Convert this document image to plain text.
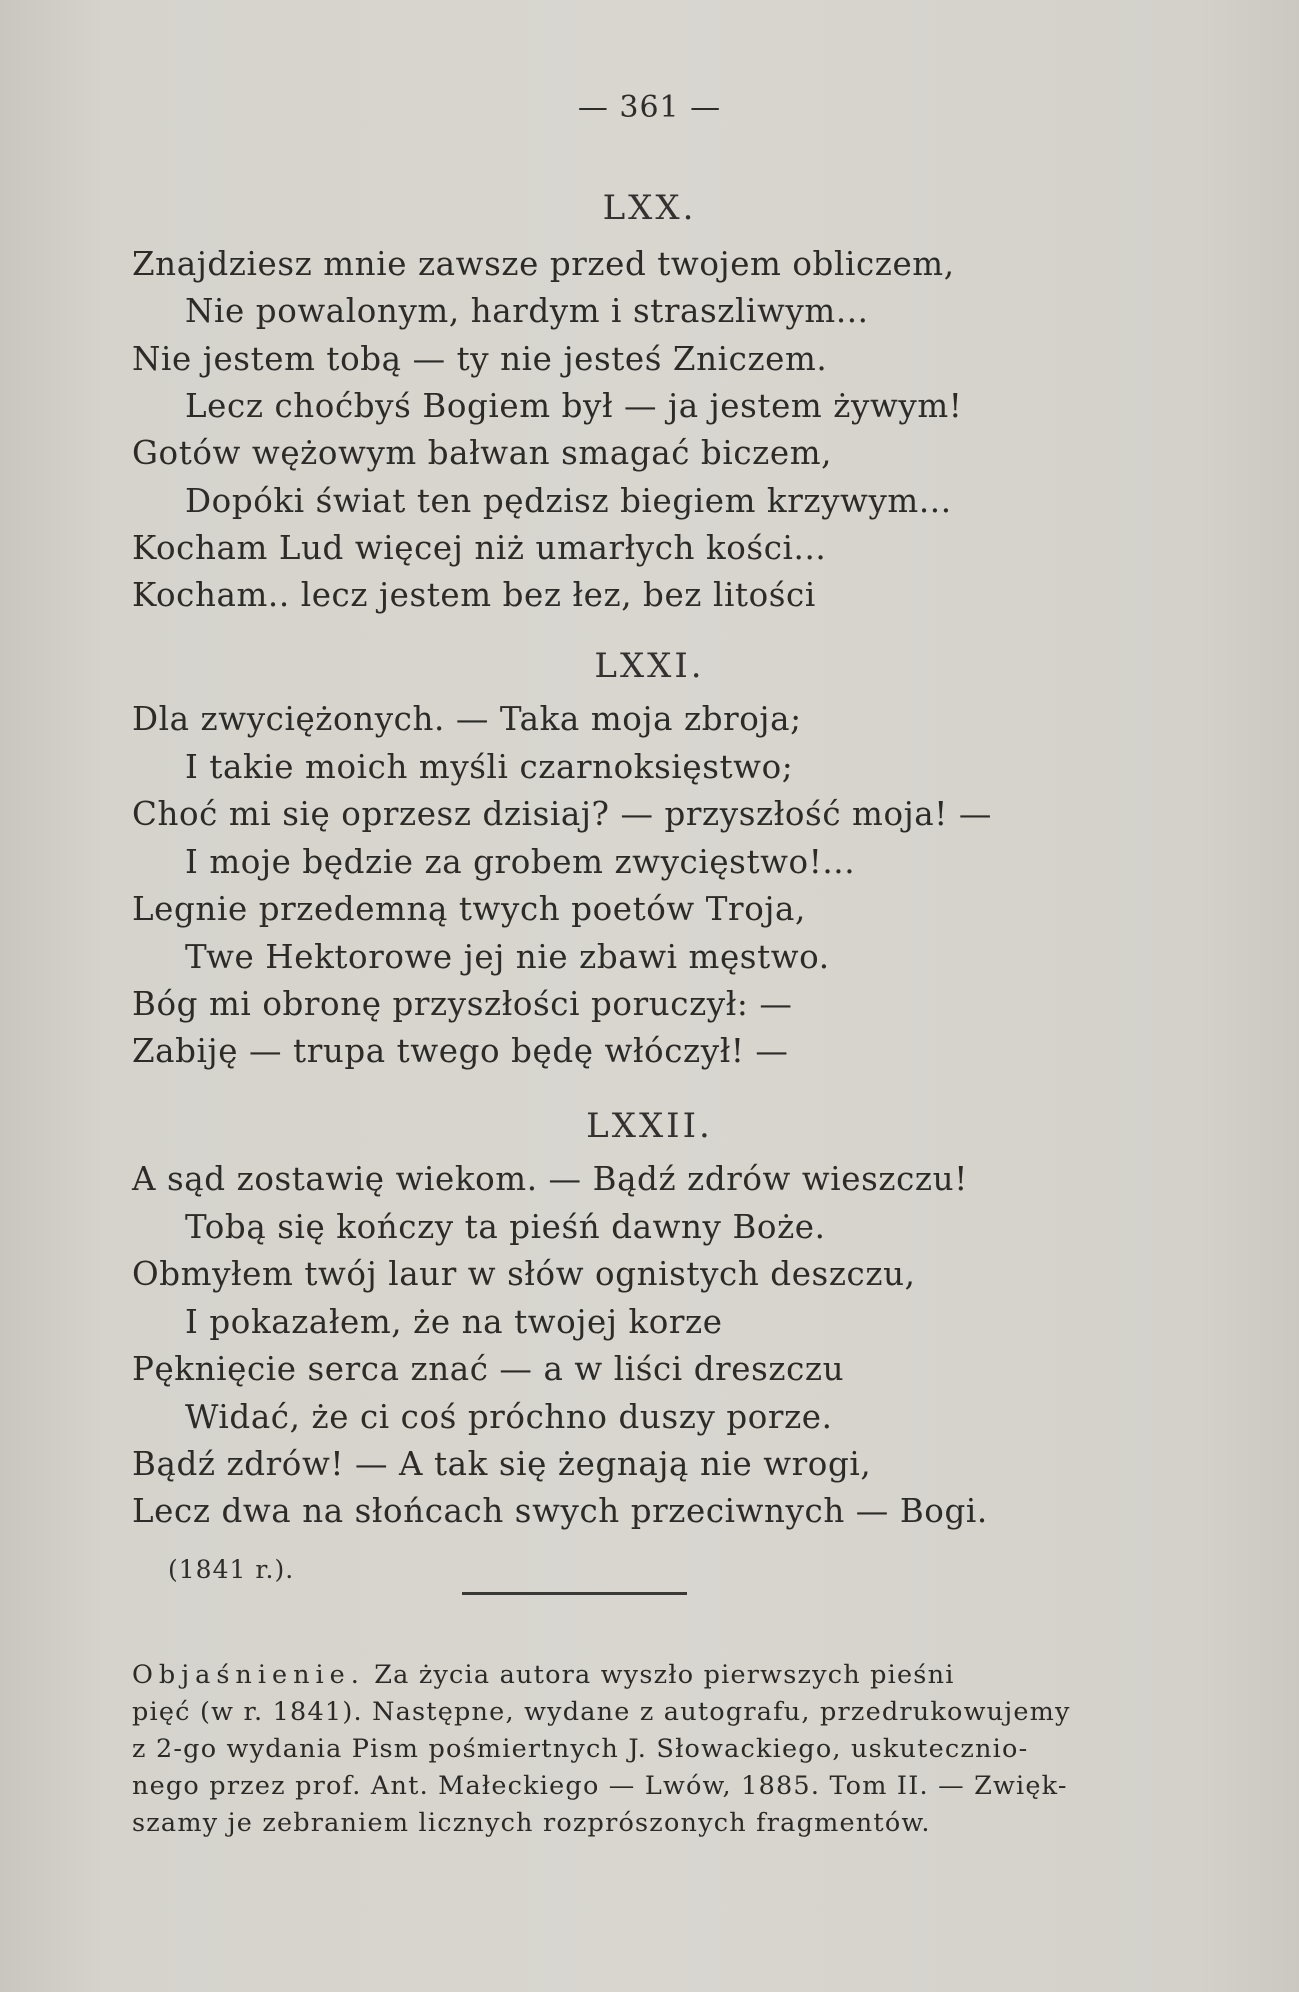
— 361 —
LXX.
Znajdziesz mnie zawsze przed twojem obliczem,
Nie powalonym, hardym i straszliwym...
Nie jestem tobą — ty nie jesteś Zniczem.
Lecz choćbyś Bogiem był — ja jestem żywym!
Gotów wężowym bałwan smagać biczem,
Dopóki świat ten pędzisz biegiem krzywym...
Kocham Lud więcej niż umarłych kości...
Kocham.. lecz jestem bez łez, bez litości
LXXI.
Dla zwyciężonych. — Taka moja zbroja;
I takie moich myśli czarnoksięstwo;
Choć mi się oprzesz dzisiaj? — przyszłość moja! —
I moje będzie za grobem zwycięstwo!...
Legnie przedemną twych poetów Troja,
Twe Hektorowe jej nie zbawi męstwo.
Bóg mi obronę przyszłości poruczył: —
Zabiję — trupa twego będę włóczył! —
LXXII.
A sąd zostawię wiekom. — Bądź zdrów wieszczu!
Tobą się kończy ta pieśń dawny Boże.
Obmyłem twój laur w słów ognistych deszczu,
I pokazałem, że na twojej korze
Pęknięcie serca znać — a w liści dreszczu
Widać, że ci coś próchno duszy porze.
Bądź zdrów! — A tak się żegnają nie wrogi,
Lecz dwa na słońcach swych przeciwnych — Bogi.
(1841 r.).
Objaśnienie. Za życia autora wyszło pierwszych pieśni
pięć (w r. 1841). Następne, wydane z autografu, przedrukowujemy
z 2-go wydania Pism pośmiertnych J. Słowackiego, uskutecznio-
nego przez prof. Ant. Małeckiego — Lwów, 1885. Tom II. — Zwięk-
szamy je zebraniem licznych rozprószonych fragmentów.
